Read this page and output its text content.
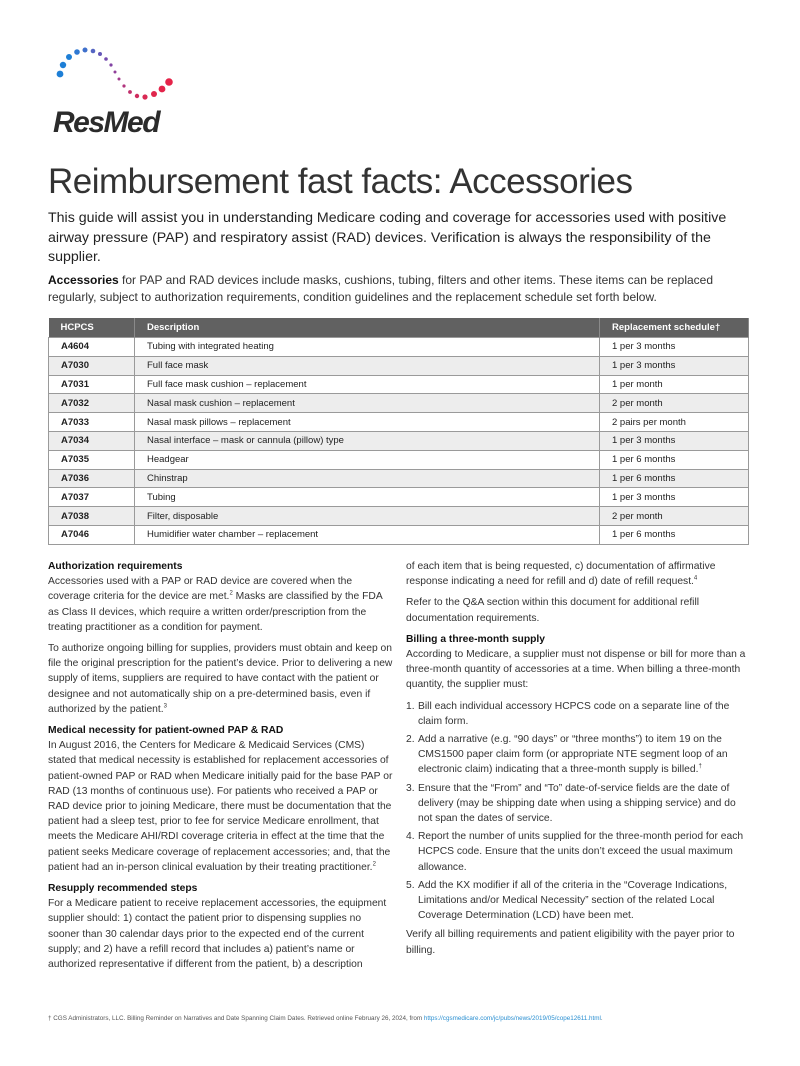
ResMed
Reimbursement fast facts: Accessories

This guide will assist you in understanding Medicare coding and coverage for accessories used with positive airway pressure (PAP) and respiratory assist (RAD) devices. Verification is always the responsibility of the supplier.

Accessories for PAP and RAD devices include masks, cushions, tubing, filters and other items. These items can be replaced regularly, subject to authorization requirements, condition guidelines and the replacement schedule set forth below.

HCPCS	Description	Replacement schedule†
A4604	Tubing with integrated heating	1 per 3 months
A7030	Full face mask	1 per 3 months
A7031	Full face mask cushion – replacement	1 per month
A7032	Nasal mask cushion – replacement	2 per month
A7033	Nasal mask pillows – replacement	2 pairs per month
A7034	Nasal interface – mask or cannula (pillow) type	1 per 3 months
A7035	Headgear	1 per 6 months
A7036	Chinstrap	1 per 6 months
A7037	Tubing	1 per 3 months
A7038	Filter, disposable	2 per month
A7046	Humidifier water chamber – replacement	1 per 6 months
Authorization requirements

Accessories used with a PAP or RAD device are covered when the coverage criteria for the device are met.$^2$ Masks are classified by the FDA as Class II devices, which require a written order/prescription from the treating practitioner as a condition for payment.

To authorize ongoing billing for supplies, providers must obtain and keep on file the original prescription for the patient’s device. Prior to delivering a new supply of items, suppliers are required to have contact with the patient or designee and not automatically ship on a pre-determined basis, even if authorized by the patient.$^3$

Medical necessity for patient-owned PAP & RAD

In August 2016, the Centers for Medicare & Medicaid Services (CMS) stated that medical necessity is established for replacement accessories of patient-owned PAP or RAD when Medicare initially paid for the base PAP or RAD (13 months of continuous use). For patients who received a PAP or RAD device prior to joining Medicare, there must be documentation that the patient had a sleep test, prior to fee for service Medicare enrollment, that meets the Medicare AHI/RDI coverage criteria in effect at the time that the patient seeks Medicare coverage of replacement accessories; and, that the patient had an in-person clinical evaluation by their treating practitioner.$^2$

Resupply recommended steps

For a Medicare patient to receive replacement accessories, the equipment supplier should: 1) contact the patient prior to dispensing supplies no sooner than 30 calendar days prior to the expected end of the current supply; and 2) have a refill record that includes a) patient’s name or authorized representative if different from the patient, b) a description

of each item that is being requested, c) documentation of affirmative response indicating a need for refill and d) date of refill request.$^4$

Refer to the Q&A section within this document for additional refill documentation requirements.

Billing a three-month supply

According to Medicare, a supplier must not dispense or bill for more than a three-month quantity of accessories at a time. When billing a three-month quantity, the supplier must:

1. Bill each individual accessory HCPCS code on a separate line of the claim form.
2. Add a narrative (e.g. “90 days” or “three months”) to item 19 on the CMS1500 paper claim form (or appropriate NTE segment loop of an electronic claim) indicating that a three-month supply is billed.†
3. Ensure that the “From” and “To” date-of-service fields are the date of delivery (may be shipping date when using a shipping service) and do not span the dates of service.
4. Report the number of units supplied for the three-month period for each HCPCS code. Ensure that the units don’t exceed the usual maximum allowance.
5. Add the KX modifier if all of the criteria in the “Coverage Indications, Limitations and/or Medical Necessity” section of the related Local Coverage Determination (LCD) have been met.

Verify all billing requirements and patient eligibility with the payer prior to billing.

† CGS Administrators, LLC. Billing Reminder on Narratives and Date Spanning Claim Dates. Retrieved online February 26, 2024, from https://cgsmedicare.com/jc/pubs/news/2019/05/cope12611.html.
